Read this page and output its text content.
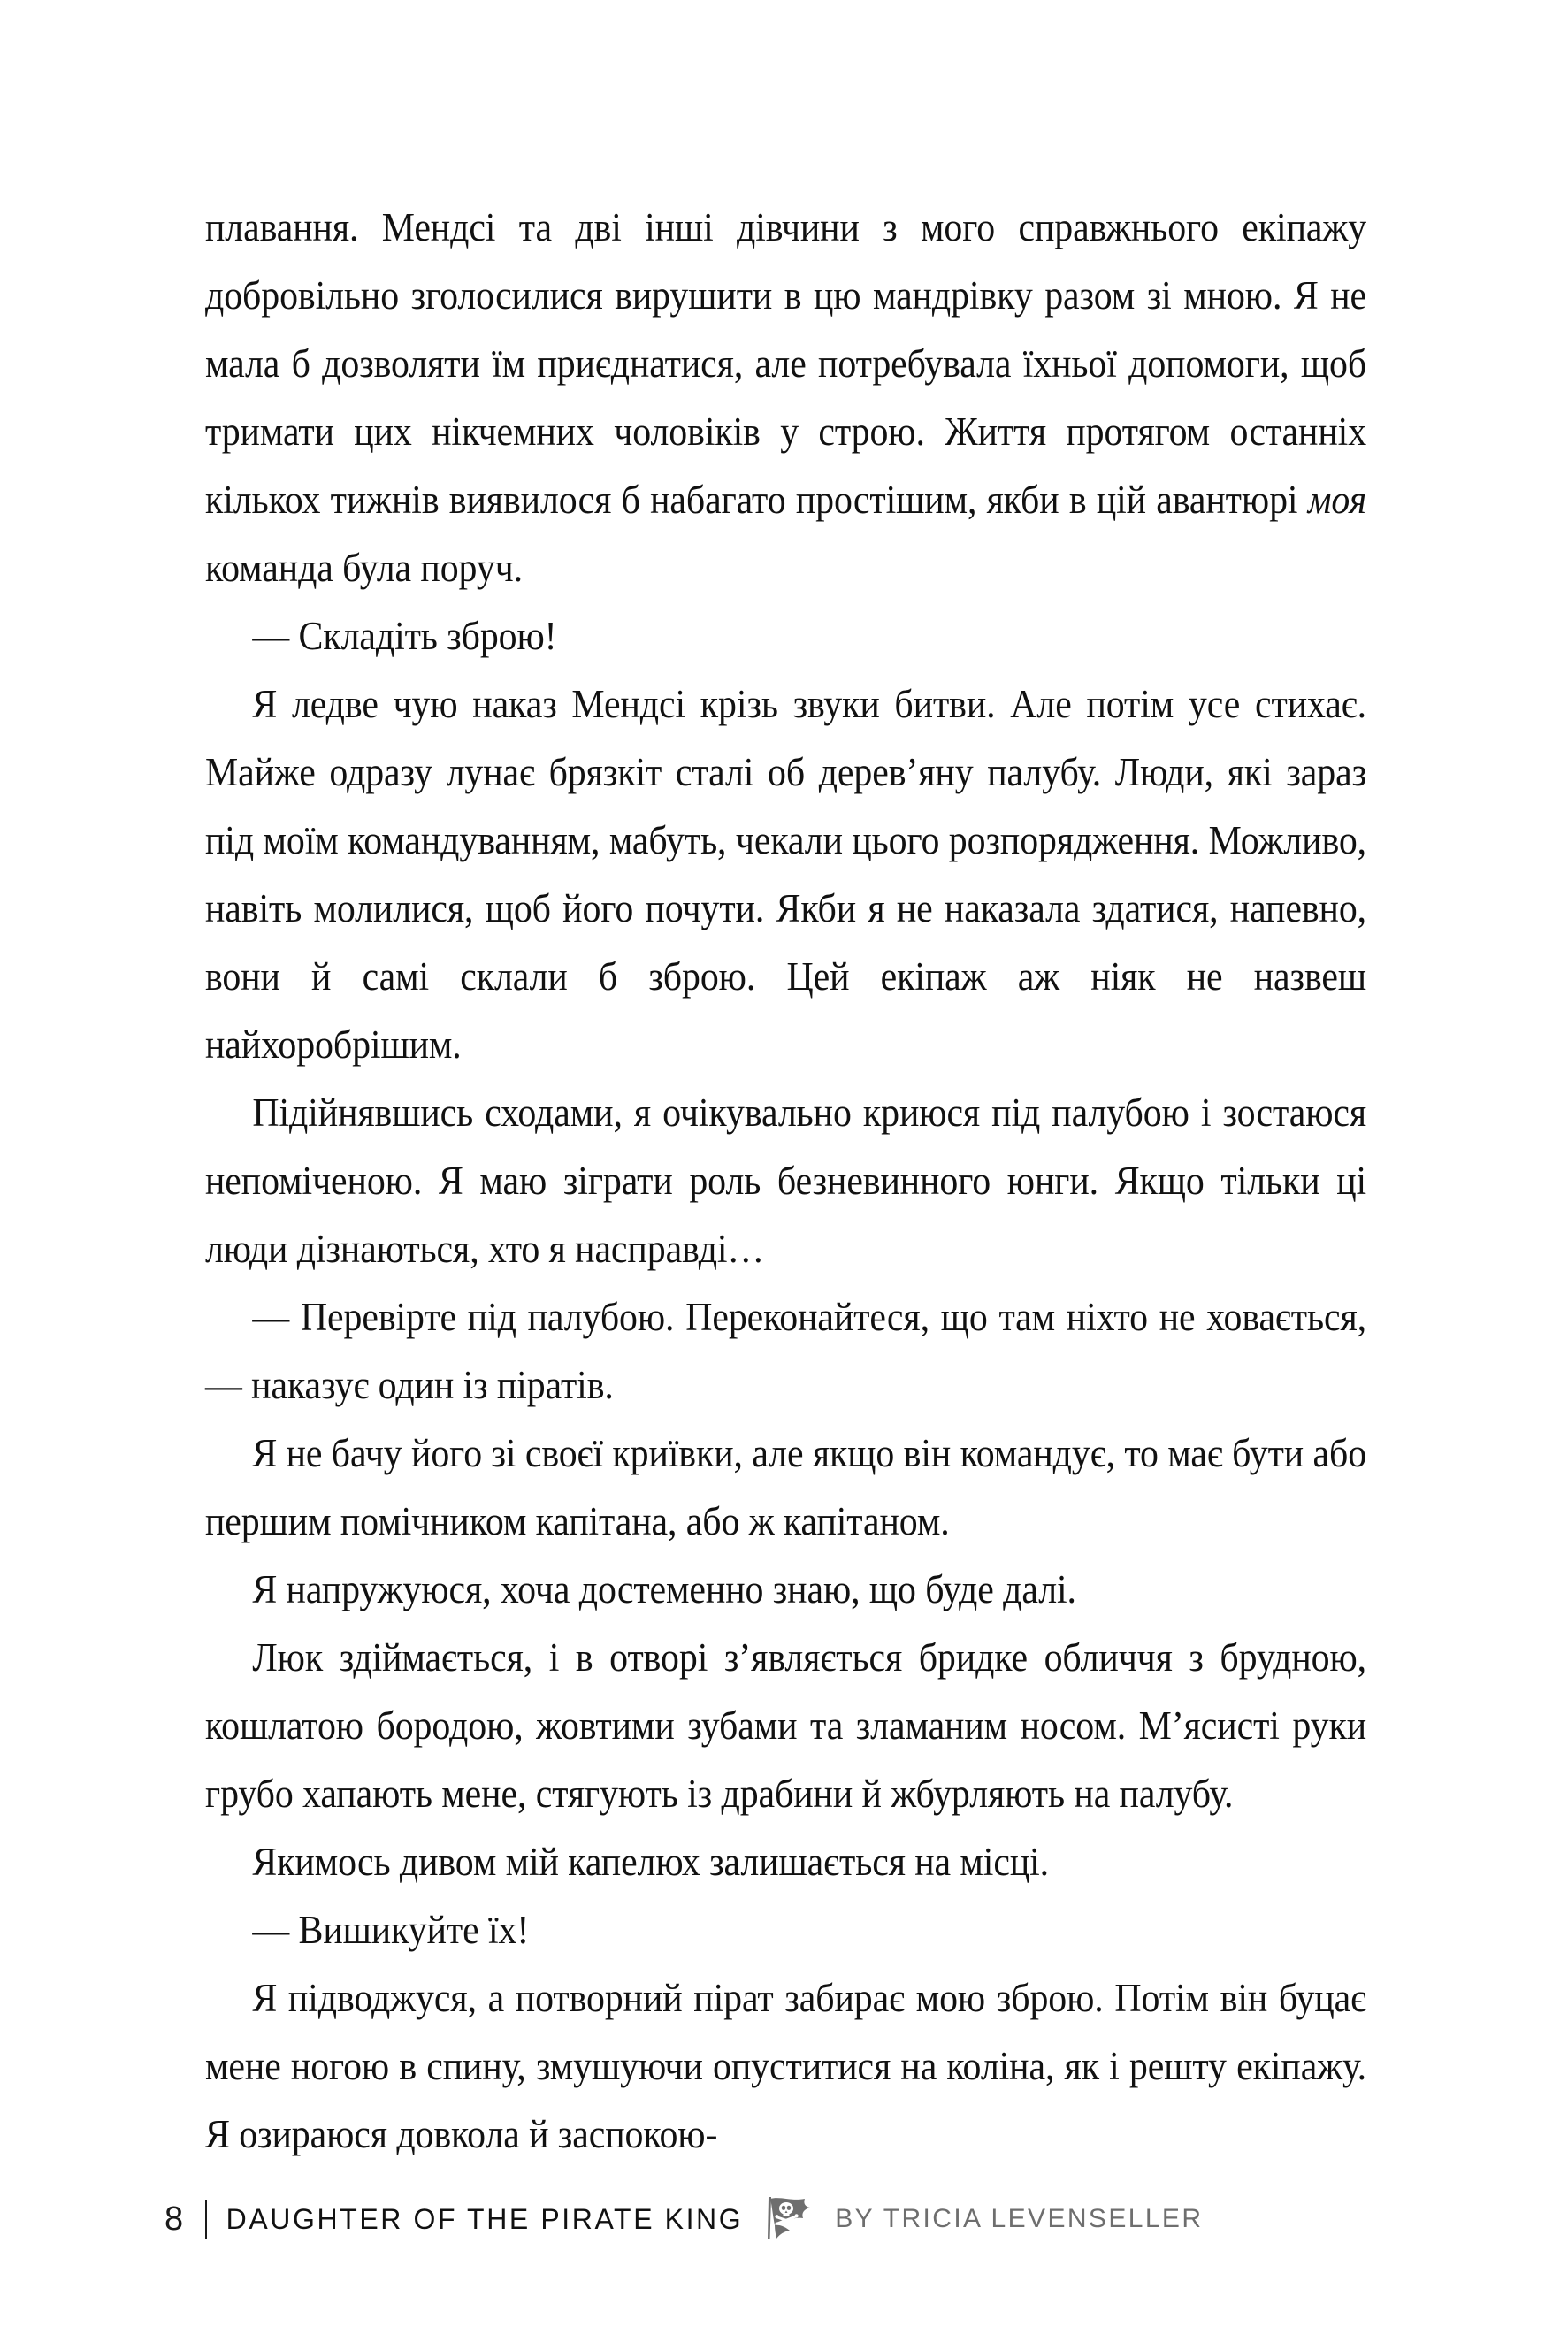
плавання. Мендсі та дві інші дівчини з мого справжнього екіпажу добровільно зголосилися вирушити в цю мандрівку разом зі мною. Я не мала б дозволяти їм приєднатися, але потребувала їхньої допомоги, щоб тримати цих нікчемних чоловіків у строю. Життя протягом останніх кількох тижнів виявилося б набагато простішим, якби в цій авантюрі моя команда була поруч.

— Складіть зброю!

Я ледве чую наказ Мендсі крізь звуки битви. Але потім усе стихає. Майже одразу лунає брязкіт сталі об дерев’яну палубу. Люди, які зараз під моїм командуванням, мабуть, чекали цього розпорядження. Можливо, навіть молилися, щоб його почути. Якби я не наказала здатися, напевно, вони й самі склали б зброю. Цей екіпаж аж ніяк не назвеш найхоробрішим.

Підійнявшись сходами, я очікувально криюся під палубою і зостаюся непоміченою. Я маю зіграти роль безневинного юнги. Якщо тільки ці люди дізнаються, хто я насправді…

— Перевірте під палубою. Переконайтеся, що там ніхто не ховається, — наказує один із піратів.

Я не бачу його зі своєї криївки, але якщо він командує, то має бути або першим помічником капітана, або ж капітаном.

Я напружуюся, хоча достеменно знаю, що буде далі.

Люк здіймається, і в отворі з’являється бридке обличчя з брудною, кошлатою бородою, жовтими зубами та зламаним носом. М’ясисті руки грубо хапають мене, стягують із драбини й жбурляють на палубу.

Якимось дивом мій капелюх залишається на місці.

— Вишикуйте їх!

Я підводжуся, а потворний пірат забирає мою зброю. Потім він буцає мене ногою в спину, змушуючи опуститися на коліна, як і решту екіпажу. Я озираюся довкола й заспокою-

8 DAUGHTER OF THE PIRATE KING	BY TRICIA LEVENSELLER
